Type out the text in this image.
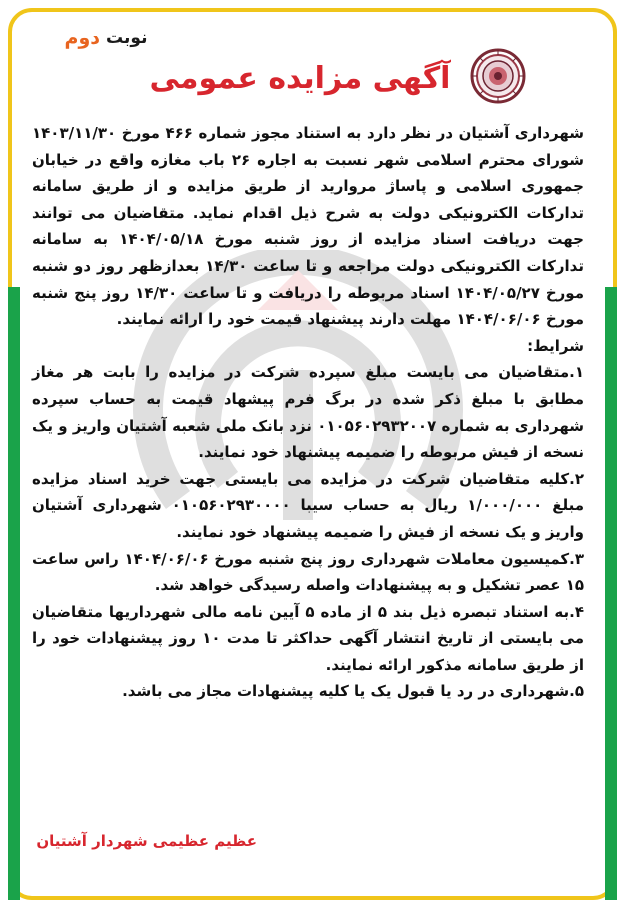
نوبت
دوم
آگهی مزایده عمومی

شهرداری آشتیان در نظر دارد به استناد مجوز شماره ۴۶۶ مورخ ۱۴۰۳/۱۱/۳۰ شورای محترم اسلامی شهر نسبت به اجاره ۲۶ باب مغازه واقع در خیابان جمهوری اسلامی و پاساژ مروارید از طریق مزایده و از طریق سامانه تدارکات الکترونیکی دولت به شرح ذیل اقدام نماید. متقاضیان می توانند جهت دریافت اسناد مزایده از روز شنبه مورخ ۱۴۰۴/۰۵/۱۸ به سامانه تدارکات الکترونیکی دولت مراجعه و تا ساعت ۱۴/۳۰ بعدازظهر روز دو شنبه مورخ ۱۴۰۴/۰۵/۲۷ اسناد مربوطه را دریافت و تا ساعت ۱۴/۳۰ روز پنج شنبه مورخ ۱۴۰۴/۰۶/۰۶ مهلت دارند پیشنهاد قیمت خود را ارائه نمایند.

شرایط:

۱.متقاضیان می بایست مبلغ سپرده شرکت در مزایده را بابت هر مغاز مطابق با مبلغ ذکر شده در برگ فرم پیشهاد قیمت به حساب سپرده شهرداری به شماره ۰۱۰۵۶۰۲۹۳۲۰۰۷ نزد بانک ملی شعبه آشتیان واریز و یک نسخه از فیش مربوطه را ضمیمه پیشنهاد خود نمایند.
۲.کلیه متقاضیان شرکت در مزایده می بایستی جهت خرید اسناد مزایده مبلغ ۱/۰۰۰/۰۰۰ ریال به حساب سیبا ۰۱۰۵۶۰۲۹۳۰۰۰۰ شهرداری آشتیان واریز و یک نسخه از فیش را ضمیمه پیشنهاد خود نمایند.
۳.کمیسیون معاملات شهرداری روز پنج شنبه مورخ ۱۴۰۴/۰۶/۰۶ راس ساعت ۱۵ عصر تشکیل و به پیشنهادات واصله رسیدگی خواهد شد.
۴.به استناد تبصره ذیل بند ۵ از ماده ۵ آیین نامه مالی شهرداریها متقاضیان می بایستی از تاریخ انتشار آگهی حداکثر تا مدت ۱۰ روز پیشنهادات خود را از طریق سامانه مذکور ارائه نمایند.
۵.شهرداری در رد یا قبول یک یا کلیه پیشنهادات مجاز می باشد.
عظیم عظیمی شهردار آشتیان
